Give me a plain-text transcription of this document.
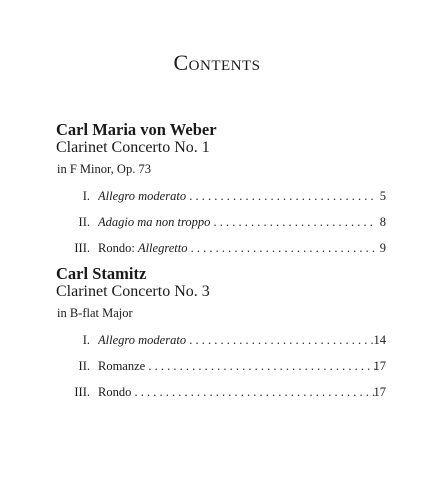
Contents
Carl Maria von Weber
Clarinet Concerto No. 1
in F Minor, Op. 73
I. Allegro moderato . . .	5
II. Adagio ma non troppo . . .	8
III. Rondo: Allegretto . . .	9
Carl Stamitz
Clarinet Concerto No. 3
in B-flat Major
I. Allegro moderato . . .	14
II. Romanze . . .	17
III. Rondo . . .	17
